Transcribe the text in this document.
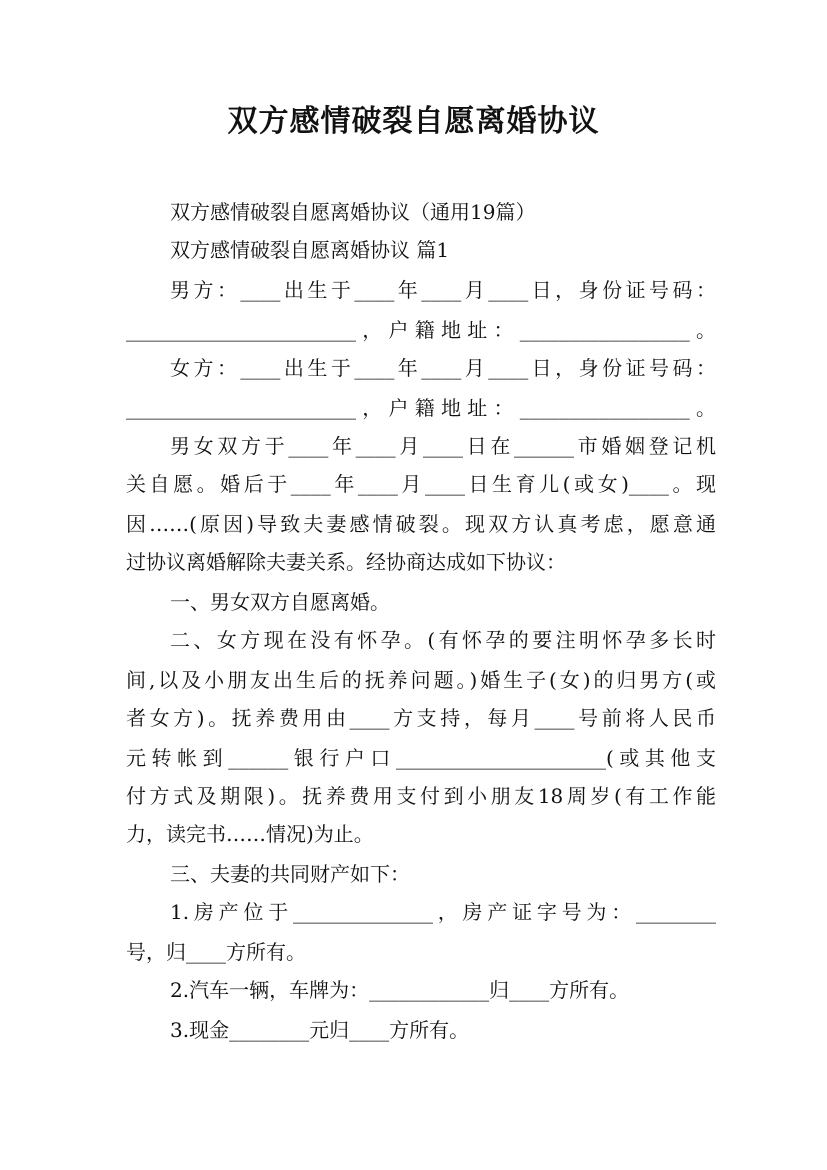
双方感情破裂自愿离婚协议
双方感情破裂自愿离婚协议（通用19篇）
双方感情破裂自愿离婚协议 篇1
男方：____出生于____年____月____日，身份证号码：
_______________________，户籍地址：_________________。
女方：____出生于____年____月____日，身份证号码：
_______________________，户籍地址：_________________。
男女双方于____年____月____日在______市婚姻登记机
关自愿。婚后于____年____月____日生育儿(或女)____。现
因……(原因)导致夫妻感情破裂。现双方认真考虑，愿意通
过协议离婚解除夫妻关系。经协商达成如下协议：
一、男女双方自愿离婚。
二、女方现在没有怀孕。(有怀孕的要注明怀孕多长时
间,以及小朋友出生后的抚养问题。)婚生子(女)的归男方(或
者女方)。抚养费用由____方支持，每月____号前将人民币
元转帐到______银行户口_____________________(或其他支
付方式及期限)。抚养费用支付到小朋友18周岁(有工作能
力，读完书……情况)为止。
三、夫妻的共同财产如下：
1.房产位于______________，房产证字号为：________
号，归____方所有。
2.汽车一辆，车牌为：____________归____方所有。
3.现金________元归____方所有。
